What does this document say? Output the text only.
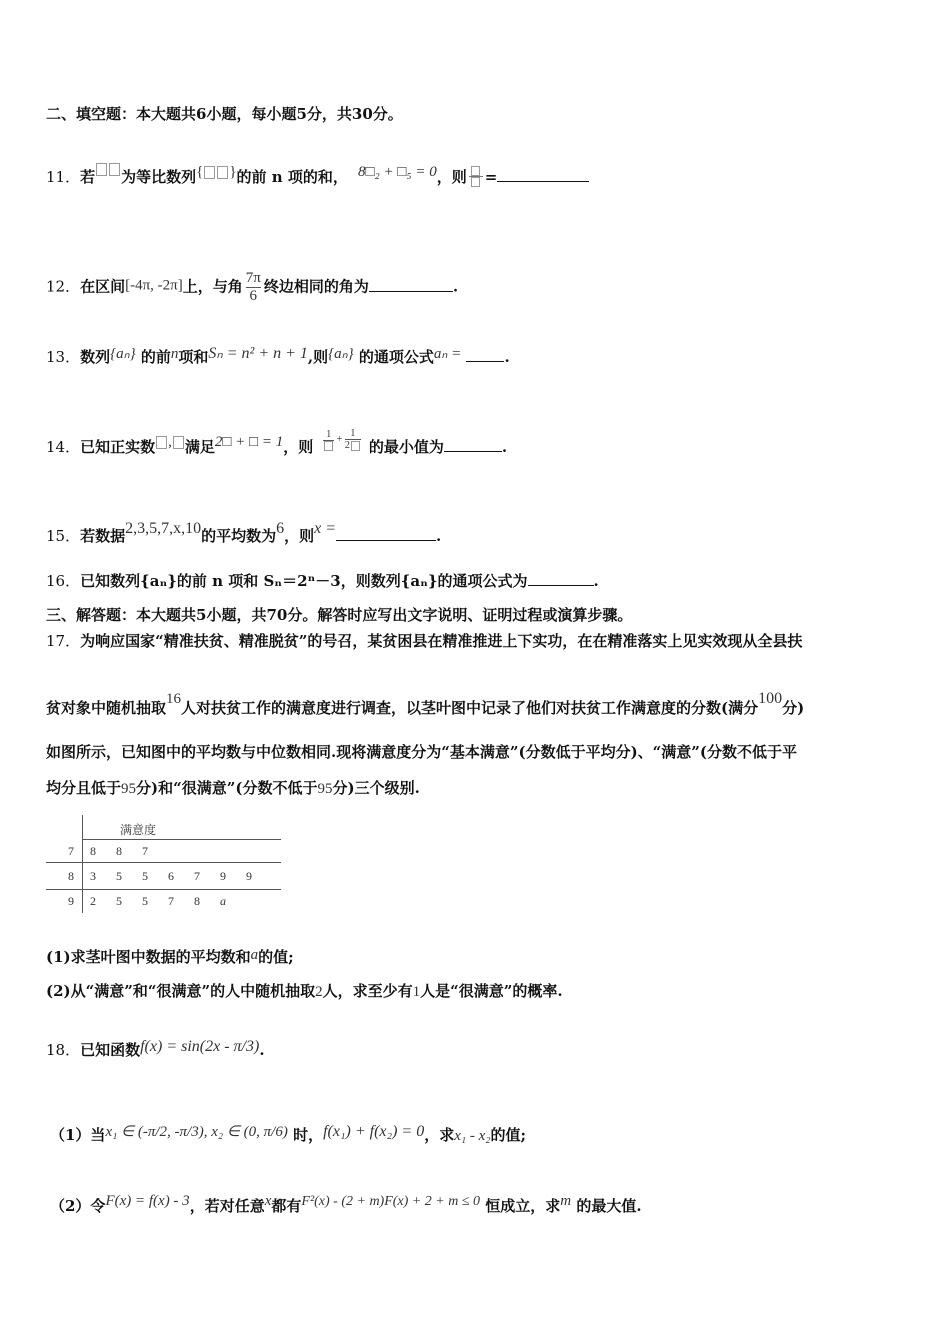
二、填空题：本大题共6小题，每小题5分，共30分。
11．若 为等比数列{ }的前 n 项的和， 8□₂ + □₅ = 0，则 =
12．在区间[-4π, -2π]上，与角 $\frac{7\pi}{6}$ 终边相同的角为	.
13．数列{aₙ} 的前n项和Sₙ = n² + n + 1,则{aₙ} 的通项公式aₙ =	.
14．已知正实数 , 满足2□ + □ = 1，则
$^{1 + \frac{1}{2}}$ 的最小值为	.
15．若数据2,3,5,7,x,10的平均数为6，则x =	.
16．已知数列{aₙ}的前 n 项和 Sₙ＝2ⁿ－3，则数列{aₙ}的通项公式为	.
三、解答题：本大题共5小题，共70分。解答时应写出文字说明、证明过程或演算步骤。
17．为响应国家“精准扶贫、精准脱贫”的号召，某贫困县在精准推进上下实功，在在精准落实上见实效现从全县扶
贫对象中随机抽取16人对扶贫工作的满意度进行调查，以茎叶图中记录了他们对扶贫工作满意度的分数(满分100分)
如图所示，已知图中的平均数与中位数相同.现将满意度分为“基本满意”(分数低于平均分)、“满意”(分数不低于平
均分且低于95分)和“很满意”(分数不低于95分)三个级别.
满意度
7	8 8 7
8	3 5 5 6 7 9 9
9	2 5 5 7 8 a
(1)求茎叶图中数据的平均数和a的值;
(2)从“满意”和“很满意”的人中随机抽取2人，求至少有1人是“很满意”的概率.
18．已知函数f(x) = sin(2x - π/3).
（1）当x₁ ∈ (-π/2, -π/3), x₂ ∈ (0, π/6) 时，f(x₁) + f(x₂) = 0，求x₁ - x₂的值;
（2）令F(x) = f(x) - 3，若对任意x都有F²(x) - (2 + m)F(x) + 2 + m ≤ 0 恒成立，求m 的最大值.
